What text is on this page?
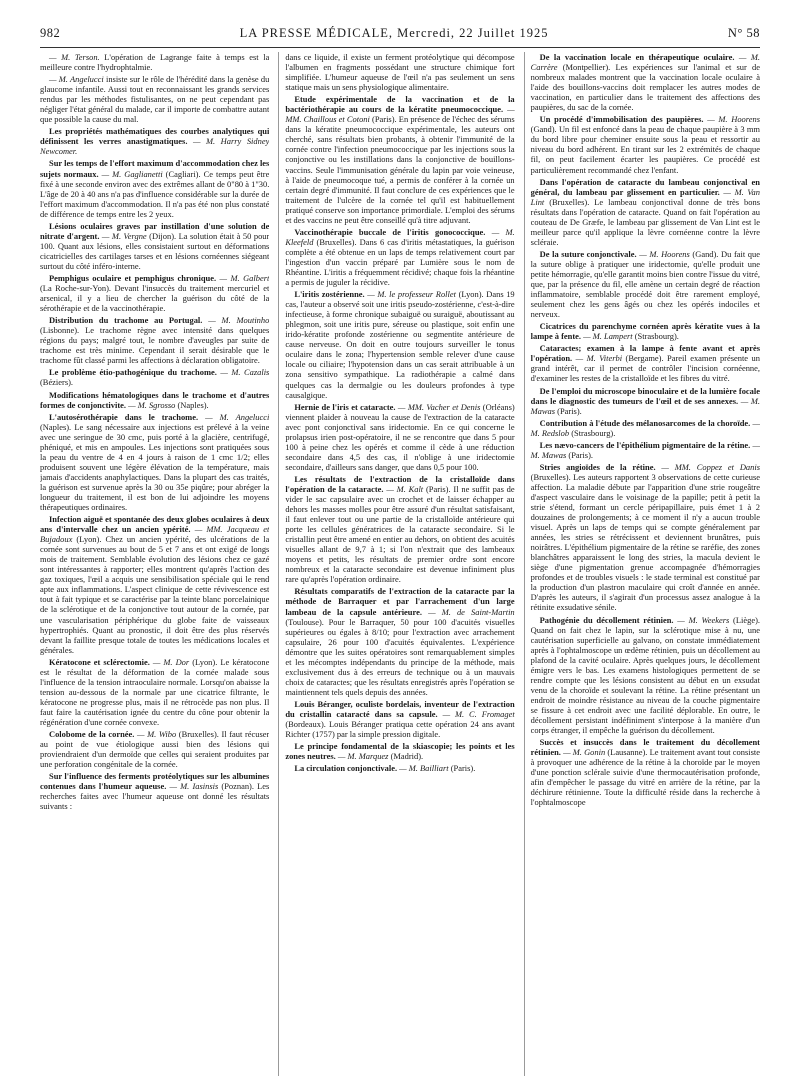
982	LA PRESSE MÉDICALE, Mercredi, 22 Juillet 1925	N° 58

— M. Terson. L'opération de Lagrange faite à temps est la meilleure contre l'hydrophtalmie.

— M. Angelucci insiste sur le rôle de l'hérédité dans la genèse du glaucome infantile. Aussi tout en reconnaissant les grands services rendus par les méthodes fistulisantes, on ne peut cependant pas négliger l'état général du malade, car il importe de combattre autant que possible la cause du mal.

Les propriétés mathématiques des courbes analytiques qui définissent les verres anastigmatiques. — M. Harry Sidney Newcomer.

Sur les temps de l'effort maximum d'accommodation chez les sujets normaux. — M. Gaglianetti (Cagliari). Ce temps peut être fixé à une seconde environ avec des extrêmes allant de 0"80 à 1"30. L'âge de 20 à 40 ans n'a pas d'influence considérable sur la durée de l'effort maximum d'accommodation. Il n'a pas été non plus constaté de différence de temps entre les 2 yeux.

Lésions oculaires graves par instillation d'une solution de nitrate d'argent. — M. Vergne (Dijon). La solution était à 50 pour 100. Quant aux lésions, elles consistaient surtout en déformations cicatricielles des cartilages tarses et en lésions cornéennes siégeant surtout du côté inféro-interne.

Pemphigus oculaire et pemphigus chronique. — M. Galbert (La Roche-sur-Yon). Devant l'insuccès du traitement mercuriel et arsenical, il y a lieu de chercher la guérison du côté de la sérothérapie et de la vaccinothérapie.

Distribution du trachome au Portugal. — M. Moutinho (Lisbonne). Le trachome règne avec intensité dans quelques régions du pays; malgré tout, le nombre d'aveugles par suite de trachome est très minime. Cependant il serait désirable que le trachome fût classé parmi les affections à déclaration obligatoire.

Le problème étio-pathogénique du trachome. — M. Cazalis (Béziers).

Modifications hématologiques dans le trachome et d'autres formes de conjonctivite. — M. Sgrosso (Naples).

L'autosérothérapie dans le trachome. — M. Angelucci (Naples). Le sang nécessaire aux injections est prélevé à la veine avec une seringue de 30 cmc, puis porté à la glacière, centrifugé, phéniqué, et mis en ampoules. Les injections sont pratiquées sous la peau du ventre de 4 en 4 jours à raison de 1 cmc 1/2; elles produisent souvent une légère élévation de la température, mais jamais d'accidents anaphylactiques. Dans la plupart des cas traités, la guérison est survenue après la 30 ou 35e piqûre; pour abréger la longueur du traitement, il est bon de lui adjoindre les moyens thérapeutiques ordinaires.

Infection aiguë et spontanée des deux globes oculaires à deux ans d'intervalle chez un ancien ypérité. — MM. Jacqueau et Bujadoux (Lyon). Chez un ancien ypérité, des ulcérations de la cornée sont survenues au bout de 5 et 7 ans et ont exigé de longs mois de traitement. Semblable évolution des lésions chez ce gazé sont intéressantes à rapporter; elles montrent qu'après l'action des gaz toxiques, l'œil a acquis une sensibilisation spéciale qui le rend apte aux inflammations. L'aspect clinique de cette révivescence est tout à fait typique et se caractérise par la teinte blanc porcelainique de la sclérotique et de la conjonctive tout autour de la cornée, par une vascularisation périphérique du globe faite de vaisseaux hypertrophiés. Quant au pronostic, il doit être des plus réservés devant la faillite presque totale de toutes les médications locales et générales.

Kératocone et sclérectomie. — M. Dor (Lyon). Le kératocone est le résultat de la déformation de la cornée malade sous l'influence de la tension intraoculaire normale. Lorsqu'on abaisse la tension au-dessous de la normale par une cicatrice filtrante, le kératocone ne progresse plus, mais il ne rétrocède pas non plus. Il faut faire la cautérisation ignée du centre du cône pour obtenir la régénération d'une cornée convexe.

Colobome de la cornée. — M. Wibo (Bruxelles). Il faut récuser au point de vue étiologique aussi bien des lésions qui proviendraient d'un dermoïde que celles qui seraient produites par une perforation congénitale de la cornée.

Sur l'influence des ferments protéolytiques sur les albumines contenues dans l'humeur aqueuse. — M. Iasinsis (Poznan). Les recherches faites avec l'humeur aqueuse ont donné les résultats suivants :

dans ce liquide, il existe un ferment protéolytique qui décompose l'albumen en fragments possédant une structure chimique fort simplifiée. L'humeur aqueuse de l'œil n'a pas seulement un sens statique mais un sens physiologique alimentaire.

Etude expérimentale de la vaccination et de la bactériothérapie au cours de la kératite pneumococcique. — MM. Chaillous et Cotoni (Paris). En présence de l'échec des sérums dans la kératite pneumococcique expérimentale, les auteurs ont cherché, sans résultats bien probants, à obtenir l'immunité de la cornée contre l'infection pneumococcique par les injections sous la conjonctive ou les instillations dans la conjonctive de bouillons-vaccins. Seule l'immunisation générale du lapin par voie veineuse, à l'aide de pneumocoque tué, a permis de conférer à la cornée un certain degré d'immunité. Il faut conclure de ces expériences que le traitement de l'ulcère de la cornée tel qu'il est habituellement pratiqué conserve son importance primordiale. L'emploi des sérums et des vaccins ne peut être conseillé qu'à titre adjuvant.

Vaccinothérapie buccale de l'iritis gonococcique. — M. Kleefeld (Bruxelles). Dans 6 cas d'iritis métastatiques, la guérison complète a été obtenue en un laps de temps relativement court par l'ingestion d'un vaccin préparé par Lumière sous le nom de Rhéantine. L'iritis a fréquemment récidivé; chaque fois la rhéantine a permis de juguler la récidive.

L'iritis zostérienne. — M. le professeur Rollet (Lyon). Dans 19 cas, l'auteur a observé soit une iritis pseudo-zostérienne, c'est-à-dire infectieuse, à forme chronique subaiguë ou suraiguë, aboutissant au phlegmon, soit une iritis pure, séreuse ou plastique, soit enfin une irido-kératite profonde zostérienne ou segmentite antérieure de cause nerveuse. On doit en outre toujours surveiller le tonus oculaire dans le zona; l'hypertension semble relever d'une cause locale ou ciliaire; l'hypotension dans un cas serait attribuable à un zona sensitivo sympathique. La radiothérapie a calmé dans quelques cas la dermalgie ou les douleurs profondes à type causalgique.

Hernie de l'iris et cataracte. — MM. Vacher et Denis (Orléans) viennent plaider à nouveau la cause de l'extraction de la cataracte avec pont conjonctival sans iridectomie. En ce qui concerne le prolapsus irien post-opératoire, il ne se rencontre que dans 5 pour 100 à peine chez les opérés et comme il cède à une réduction secondaire dans 4,5 des cas, il n'oblige à une iridectomie secondaire, d'ailleurs sans danger, que dans 0,5 pour 100.

Les résultats de l'extraction de la cristalloïde dans l'opération de la cataracte. — M. Kalt (Paris). Il ne suffit pas de vider le sac capsulaire avec un crochet et de laisser échapper au dehors les masses molles pour être assuré d'un résultat satisfaisant, il faut enlever tout ou une partie de la cristalloïde antérieure qui porte les cellules génératrices de la cataracte secondaire. Si le cristallin peut être amené en entier au dehors, on obtient des acuités visuelles allant de 9,7 à 1; si l'on n'extrait que des lambeaux moyens et petits, les résultats de premier ordre sont encore nombreux et la cataracte secondaire est devenue infiniment plus rare qu'après l'opération ordinaire.

Résultats comparatifs de l'extraction de la cataracte par la méthode de Barraquer et par l'arrachement d'un large lambeau de la capsule antérieure. — M. de Saint-Martin (Toulouse). Pour le Barraquer, 50 pour 100 d'acuités visuelles supérieures ou égales à 8/10; pour l'extraction avec arrachement capsulaire, 26 pour 100 d'acuités équivalentes. L'expérience démontre que les suites opératoires sont remarquablement simples et les mécomptes indépendants du principe de la méthode, mais exclusivement dus à des erreurs de technique ou à un mauvais choix de cataractes; que les résultats enregistrés après l'opération se maintiennent tels quels depuis des années.

Louis Béranger, oculiste bordelais, inventeur de l'extraction du cristallin cataracté dans sa capsule. — M. C. Fromaget (Bordeaux). Louis Béranger pratiqua cette opération 24 ans avant Richter (1757) par la simple pression digitale.

Le principe fondamental de la skiascopie; les points et les zones neutres. — M. Marquez (Madrid).

La circulation conjonctivale. — M. Bailliart (Paris).

De la vaccination locale en thérapeutique oculaire. — M. Carrère (Montpellier). Les expériences sur l'animal et sur de nombreux malades montrent que la vaccination locale oculaire à l'aide des bouillons-vaccins doit remplacer les autres modes de vaccination, en particulier dans le traitement des affections des paupières, du sac de la cornée.

Un procédé d'immobilisation des paupières. — M. Hoorens (Gand). Un fil est enfoncé dans la peau de chaque paupière à 3 mm du bord libre pour cheminer ensuite sous la peau et ressortir au niveau du bord adhérent. En tirant sur les 2 extrémités de chaque fil, on peut facilement écarter les paupières. Ce procédé est particulièrement recommandé chez l'enfant.

Dans l'opération de cataracte du lambeau conjonctival en général, du lambeau par glissement en particulier. — M. Van Lint (Bruxelles). Le lambeau conjonctival donne de très bons résultats dans l'opération de cataracte. Quand on fait l'opération au couteau de De Græfe, le lambeau par glissement de Van Lint est le meilleur parce qu'il applique la lèvre cornéenne contre la lèvre scléraie.

De la suture conjonctivale. — M. Hoorens (Gand). Du fait que la suture oblige à pratiquer une iridectomie, qu'elle produit une petite hémorragie, qu'elle garantit moins bien contre l'issue du vitré, que, par la présence du fil, elle amène un certain degré de réaction inflammatoire, semblable procédé doit être rarement employé, seulement chez les gens âgés ou chez les opérés indociles et nerveux.

Cicatrices du parenchyme cornéen après kératite vues à la lampe à fente. — M. Lampert (Strasbourg).

Cataractes; examen à la lampe à fente avant et après l'opération. — M. Viterbi (Bergame). Pareil examen présente un grand intérêt, car il permet de contrôler l'incision cornéenne, d'examiner les restes de la cristalloïde et les fibres du vitré.

De l'emploi du microscope binoculaire et de la lumière focale dans le diagnostic des tumeurs de l'œil et de ses annexes. — M. Mawas (Paris).

Contribution à l'étude des mélanosarcomes de la choroïde. — M. Redslob (Strasbourg).

Les nævo-cancers de l'épithélium pigmentaire de la rétine. — M. Mawas (Paris).

Stries angioïdes de la rétine. — MM. Coppez et Danis (Bruxelles). Les auteurs rapportent 3 observations de cette curieuse affection. La maladie débute par l'apparition d'une strie rougeâtre d'aspect vasculaire dans le voisinage de la papille; petit à petit la strie s'étend, formant un cercle péripapillaire, puis émet 1 à 2 douzaines de prolongements; à ce moment il n'y a aucun trouble visuel. Après un laps de temps qui se compte généralement par années, les stries se rétrécissent et deviennent brunâtres, puis noirâtres. L'épithélium pigmentaire de la rétine se raréfie, des zones blanchâtres apparaissent le long des stries, la macula devient le siège d'une pigmentation grenue accompagnée d'hémorragies profondes et de troubles visuels : le stade terminal est constitué par la production d'un plastron maculaire qui croît d'année en année. D'après les auteurs, il s'agirait d'un processus assez analogue à la rétinite exsudative sénile.

Pathogénie du décollement rétinien. — M. Weekers (Liège). Quand on fait chez le lapin, sur la sclérotique mise à nu, une cautérisation superficielle au galvano, on constate immédiatement après à l'ophtalmoscope un œdème rétinien, puis un décollement au plafond de la cavité oculaire. Après quelques jours, le décollement émigre vers le bas. Les examens histologiques permettent de se rendre compte que les lésions consistent au début en un exsudat venu de la choroïde et soulevant la rétine. La rétine présentant un endroit de moindre résistance au niveau de la couche pigmentaire se fissure à cet endroit avec une facilité déplorable. En outre, le décollement persistant indéfiniment s'interpose à la manière d'un corps étranger, il empêche la guérison du décollement.

Succès et insuccès dans le traitement du décollement rétinien. — M. Gonin (Lausanne). Le traitement avant tout consiste à provoquer une adhérence de la rétine à la choroïde par le moyen d'une ponction sclérale suivie d'une thermocautérisation profonde, afin d'empêcher le passage du vitré en arrière de la rétine, par la déchirure rétinienne. Toute la difficulté réside dans la recherche à l'ophtalmoscope
